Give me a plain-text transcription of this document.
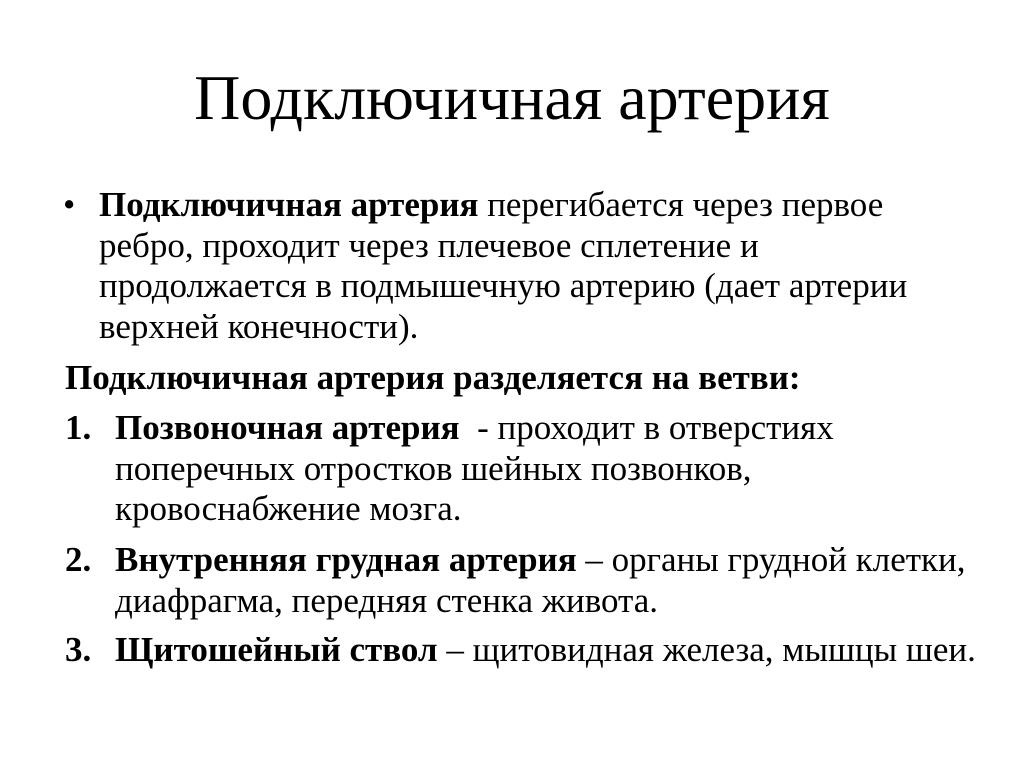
Подключичная артерия
• Подключичная артерия перегибается через первое
ребро, проходит через плечевое сплетение и
продолжается в подмышечную артерию (дает артерии
верхней конечности).
Подключичная артерия разделяется на ветви:
1. Позвоночная артерия  - проходит в отверстиях
поперечных отростков шейных позвонков,
кровоснабжение мозга.
2. Внутренняя грудная артерия – органы грудной клетки,
диафрагма, передняя стенка живота.
3. Щитошейный ствол – щитовидная железа, мышцы шеи.
